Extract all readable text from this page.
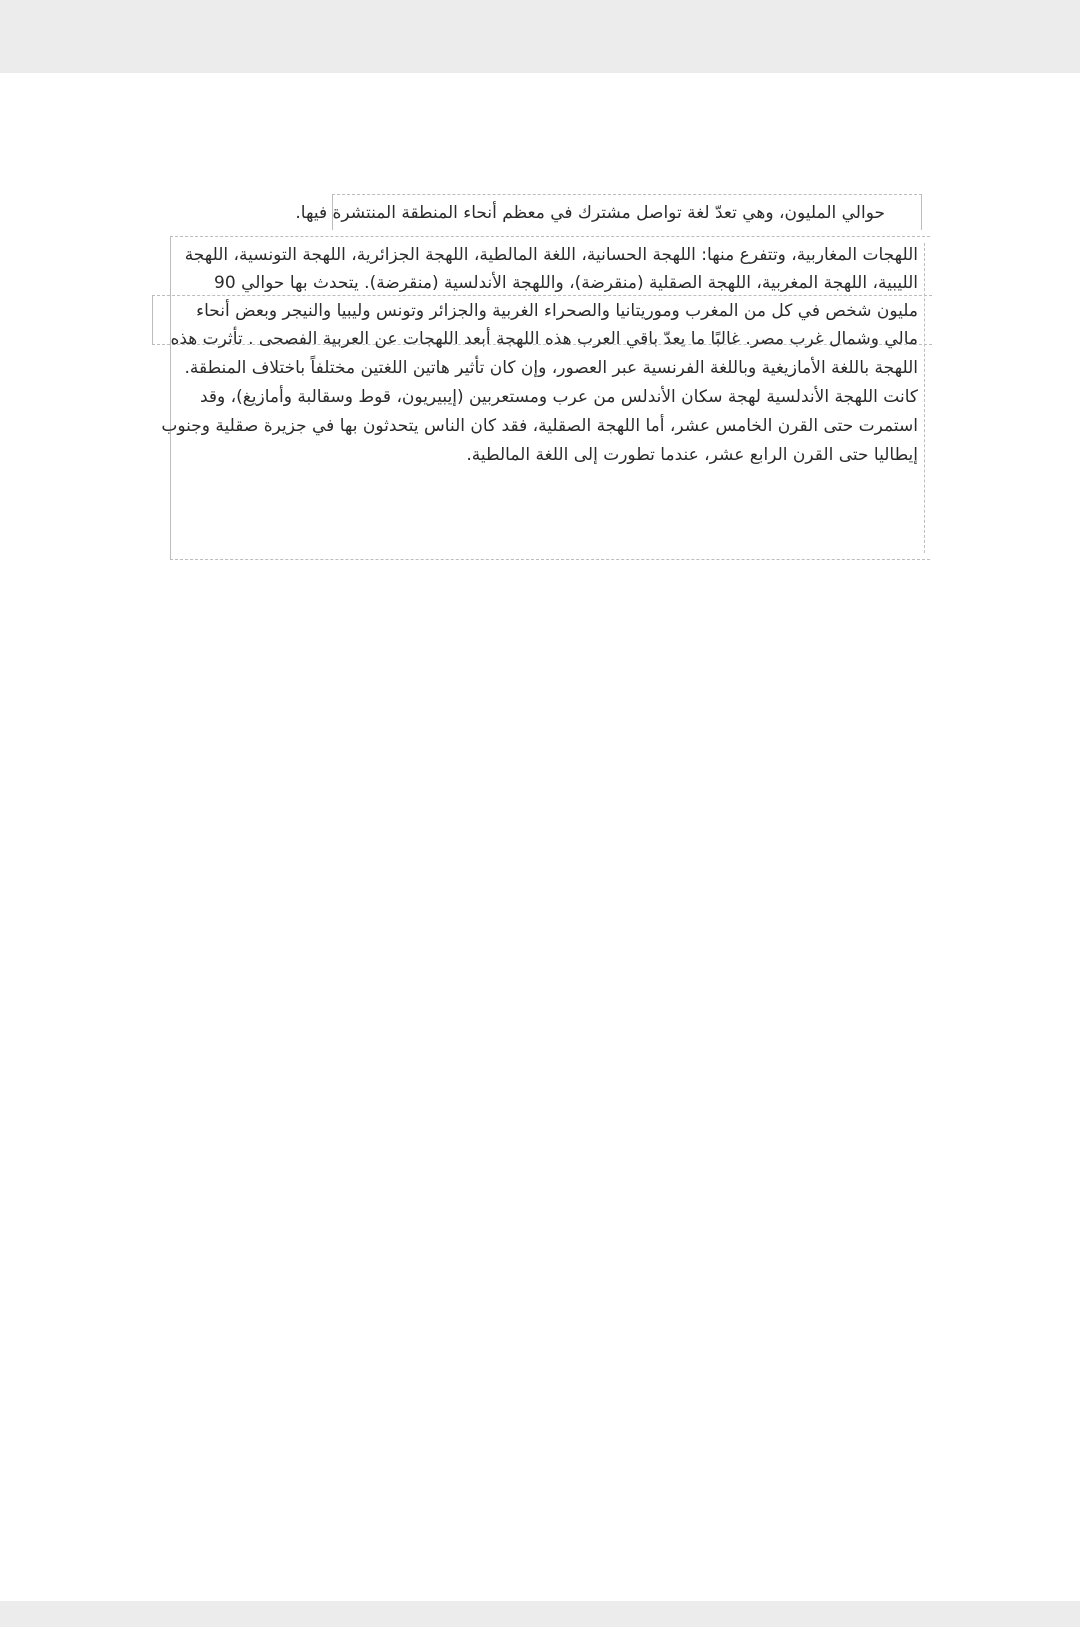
حوالي المليون، وهي تعدّ لغة تواصل مشترك في معظم أنحاء المنطقة المنتشرة فيها.
اللهجات المغاربية، وتتفرع منها: اللهجة الحسانية، اللغة المالطية، اللهجة الجزائرية، اللهجة التونسية، اللهجة
الليبية، اللهجة المغربية، اللهجة الصقلية (منقرضة)، واللهجة الأندلسية (منقرضة). يتحدث بها حوالي 90
مليون شخص في كل من المغرب وموريتانيا والصحراء الغربية والجزائر وتونس وليبيا والنيجر وبعض أنحاء
مالي وشمال غرب مصر. غالبًا ما يعدّ باقي العرب هذه اللهجة أبعد اللهجات عن العربية الفصحى . تأثرت هذه
اللهجة باللغة الأمازيغية وباللغة الفرنسية عبر العصور، وإن كان تأثير هاتين اللغتين مختلفاً باختلاف المنطقة.
كانت اللهجة الأندلسية لهجة سكان الأندلس من عرب ومستعربين (إيبيريون، قوط وسقالبة وأمازيغ)، وقد
استمرت حتى القرن الخامس عشر، أما اللهجة الصقلية، فقد كان الناس يتحدثون بها في جزيرة صقلية وجنوب
إيطاليا حتى القرن الرابع عشر، عندما تطورت إلى اللغة المالطية.
